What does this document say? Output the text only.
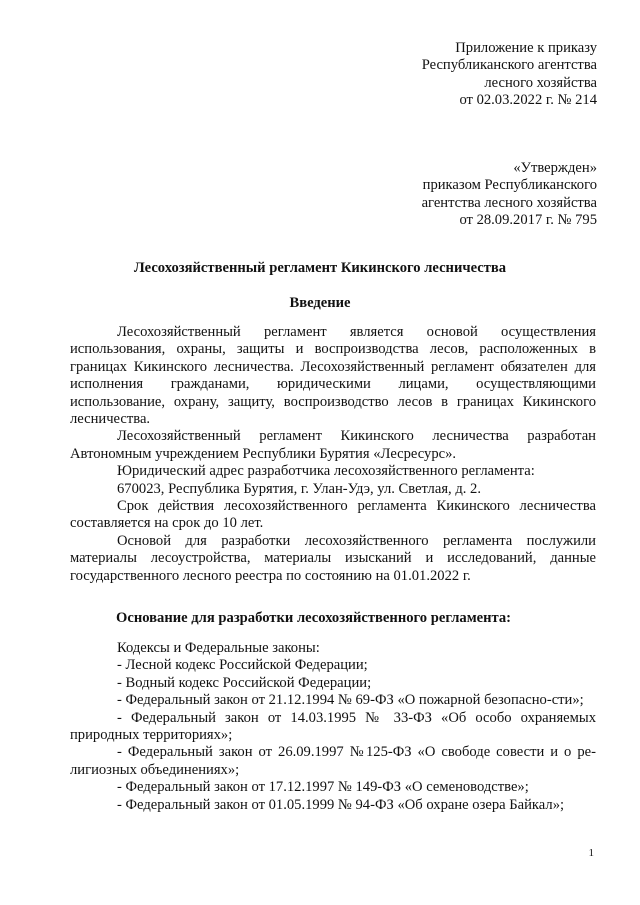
Приложение к приказу
Республиканского агентства
лесного хозяйства
от 02.03.2022 г. № 214
«Утвержден»
приказом Республиканского
агентства лесного хозяйства
от 28.09.2017 г. № 795
Лесохозяйственный регламент Кикинского лесничества
Введение

Лесохозяйственный регламент является основой осуществления использования, охраны, защиты и воспроизводства лесов, расположенных в границах Кикинского лесничества. Лесохозяйственный регламент обязателен для исполнения гражданами, юридическими лицами, осуществляющими использование, охрану, защиту, воспроизводство лесов в границах Кикинского лесничества.

Лесохозяйственный регламент Кикинского лесничества разработан Автономным учреждением Республики Бурятия «Лесресурс».

Юридический адрес разработчика лесохозяйственного регламента:

670023, Республика Бурятия, г. Улан-Удэ, ул. Светлая, д. 2.

Срок действия лесохозяйственного регламента Кикинского лесничества составляется на срок до 10 лет.

Основой для разработки лесохозяйственного регламента послужили материалы лесоустройства, материалы изысканий и исследований, данные государственного лесного реестра по состоянию на 01.01.2022 г.

Основание для разработки лесохозяйственного регламента:

Кодексы и Федеральные законы:

- Лесной кодекс Российской Федерации;

- Водный кодекс Российской Федерации;

- Федеральный закон от 21.12.1994 № 69-ФЗ «О пожарной безопасно-сти»;

- Федеральный закон от 14.03.1995 № 33-ФЗ «Об особо охраняемых природных территориях»;

- Федеральный закон от 26.09.1997 №125-ФЗ «О свободе совести и о ре-лигиозных объединениях»;

- Федеральный закон от 17.12.1997 № 149-ФЗ «О семеноводстве»;

- Федеральный закон от 01.05.1999 № 94-ФЗ «Об охране озера Байкал»;

1
